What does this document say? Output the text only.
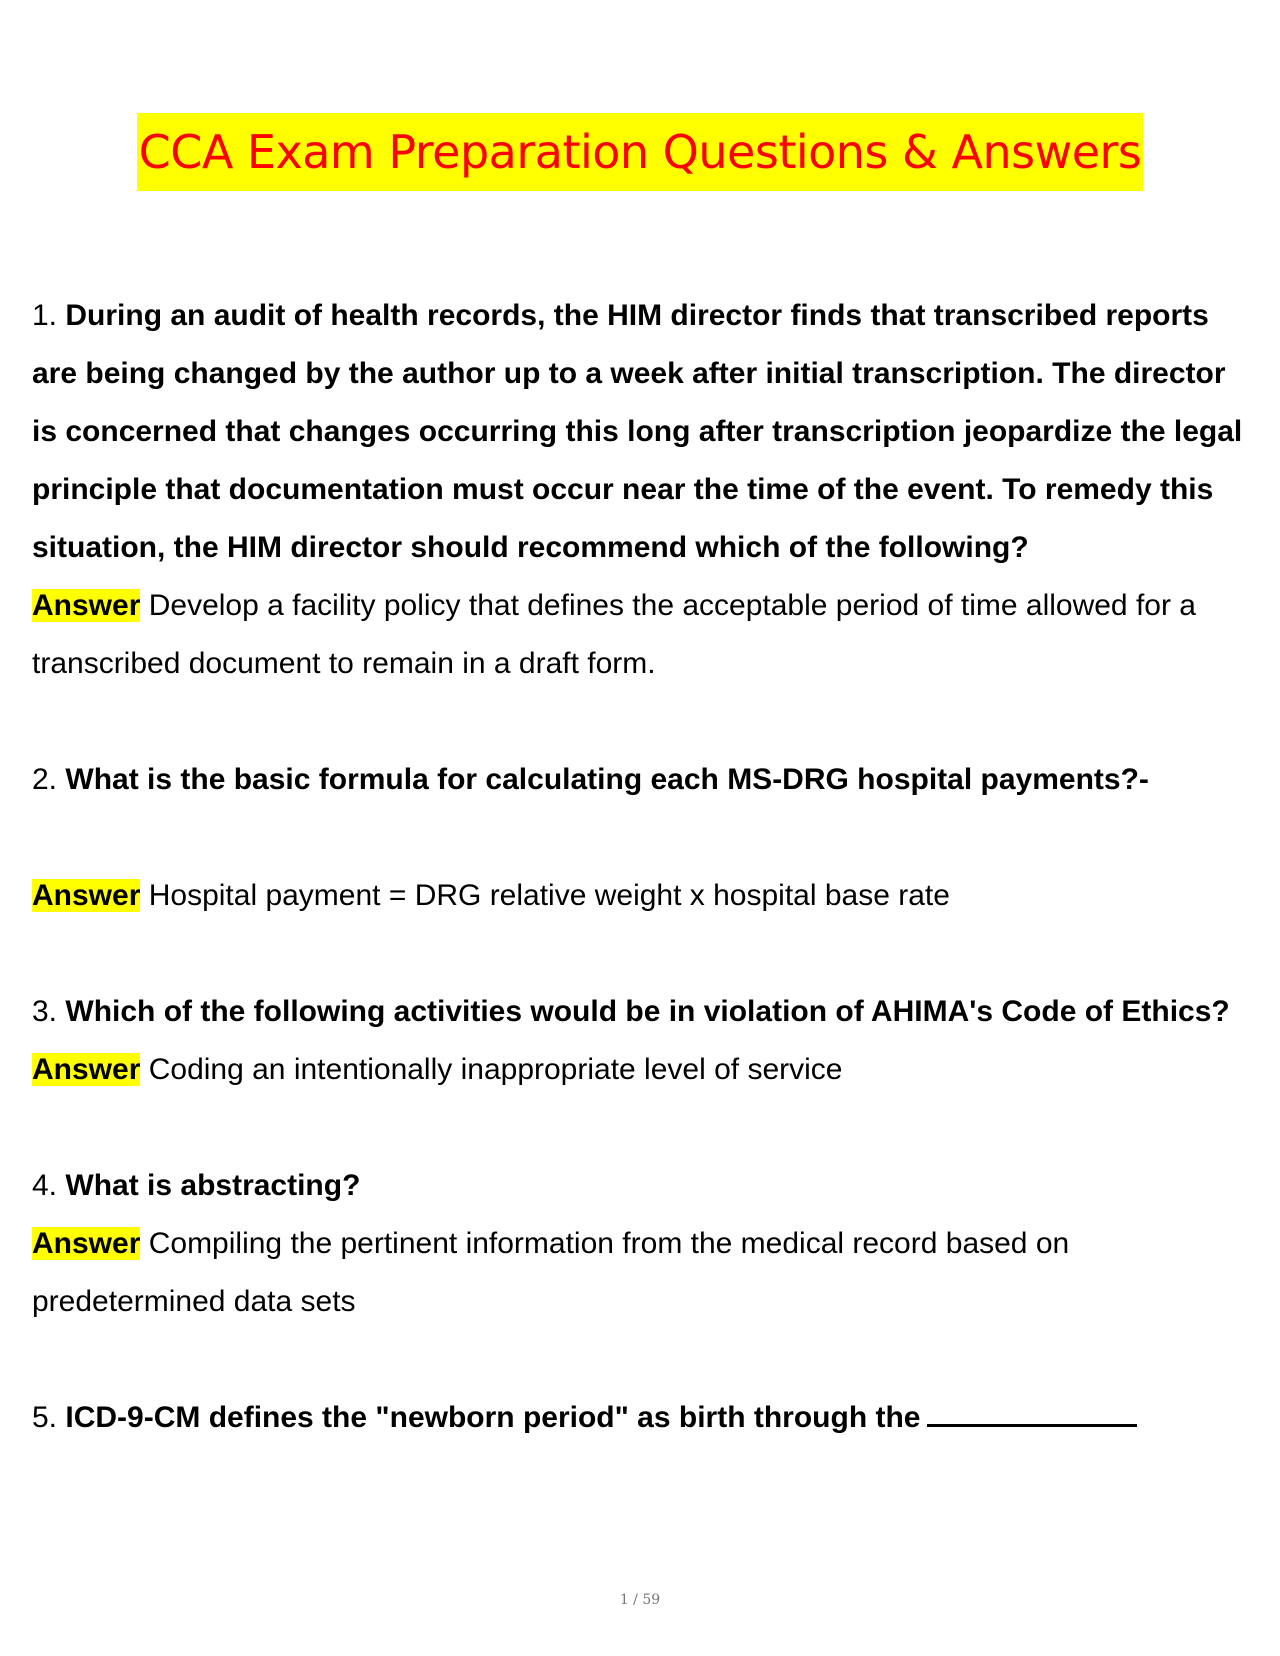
CCA Exam Preparation Questions & Answers

1. During an audit of health records, the HIM director finds that transcribed reports are being changed by the author up to a week after initial transcription. The director is concerned that changes occurring this long after transcription jeopardize the legal principle that documentation must occur near the time of the event. To remedy this situation, the HIM director should recommend which of the following?

Answer Develop a facility policy that defines the acceptable period of time allowed for a transcribed document to remain in a draft form.

2. What is the basic formula for calculating each MS-DRG hospital payments?-

Answer Hospital payment = DRG relative weight x hospital base rate

3. Which of the following activities would be in violation of AHIMA's Code of Ethics?

Answer Coding an intentionally inappropriate level of service

4. What is abstracting?

Answer Compiling the pertinent information from the medical record based on predetermined data sets

5. ICD-9-CM defines the "newborn period" as birth through the

1 / 59
